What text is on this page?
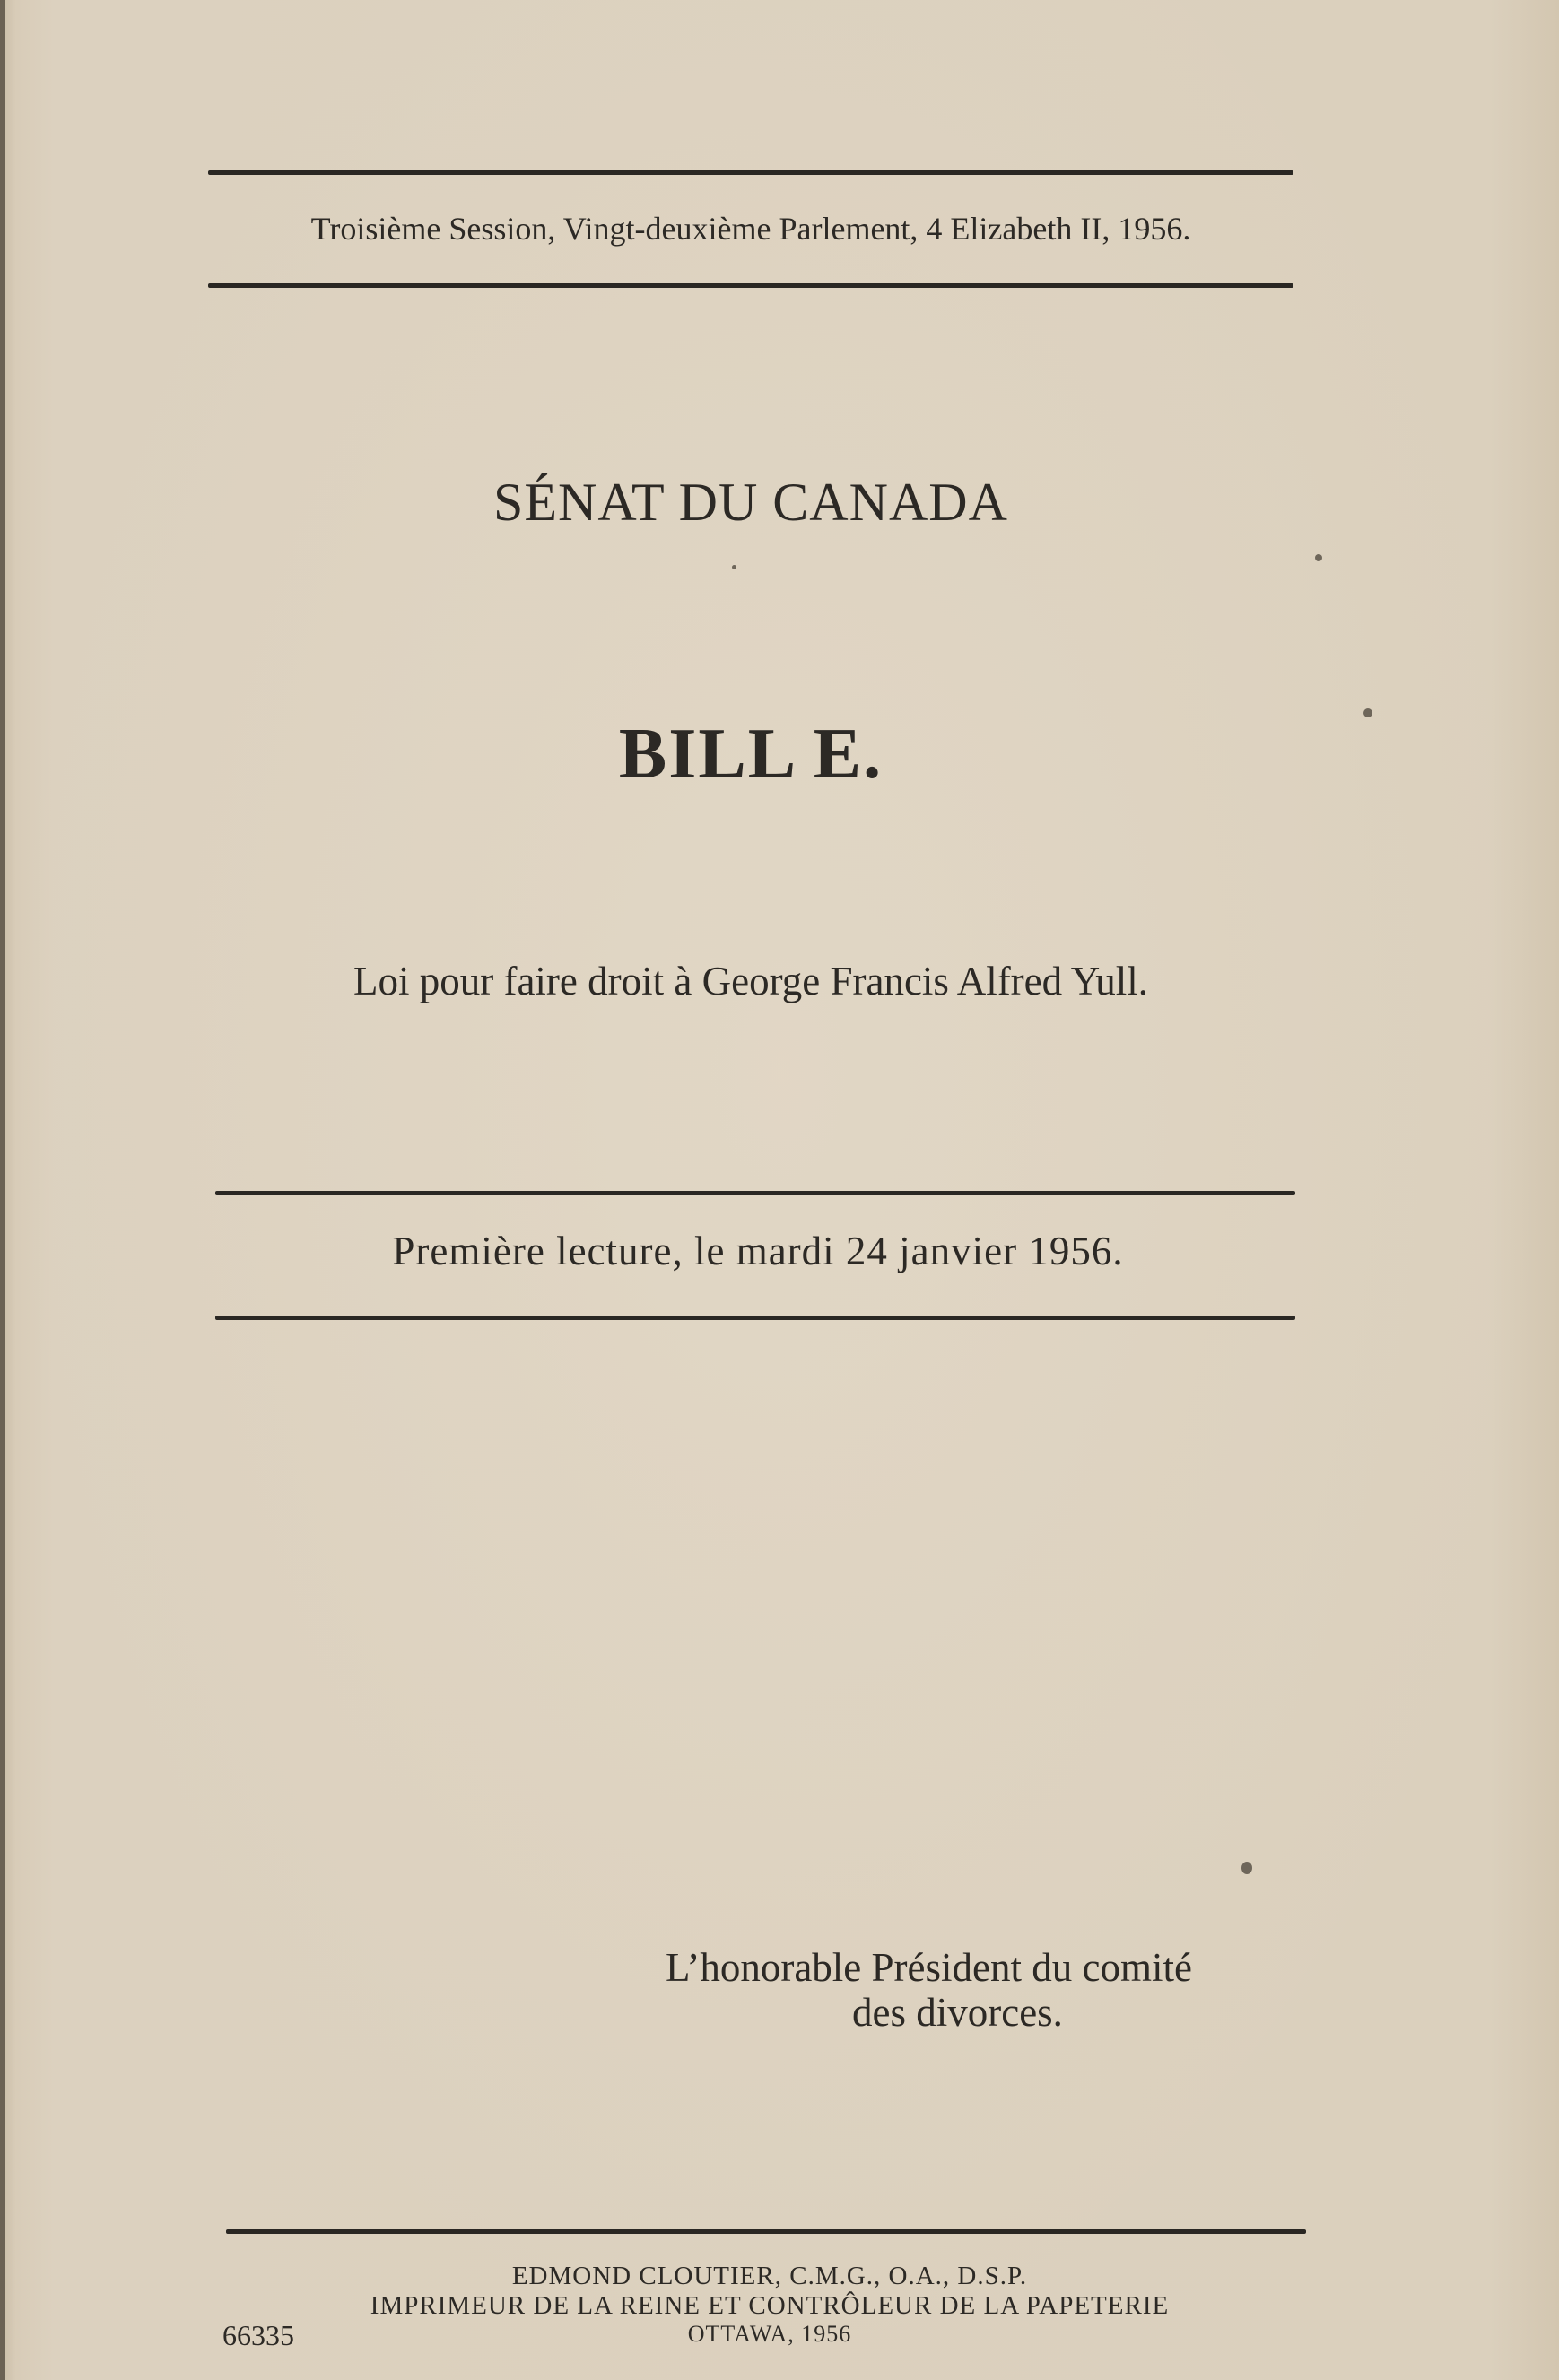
Troisième Session, Vingt-deuxième Parlement, 4 Elizabeth II, 1956.
SÉNAT DU CANADA
BILL E.
Loi pour faire droit à George Francis Alfred Yull.
Première lecture, le mardi 24 janvier 1956.
L’honorable Président du comité
des divorces.
EDMOND CLOUTIER, C.M.G., O.A., D.S.P.
IMPRIMEUR DE LA REINE ET CONTRÔLEUR DE LA PAPETERIE
OTTAWA, 1956
66335
